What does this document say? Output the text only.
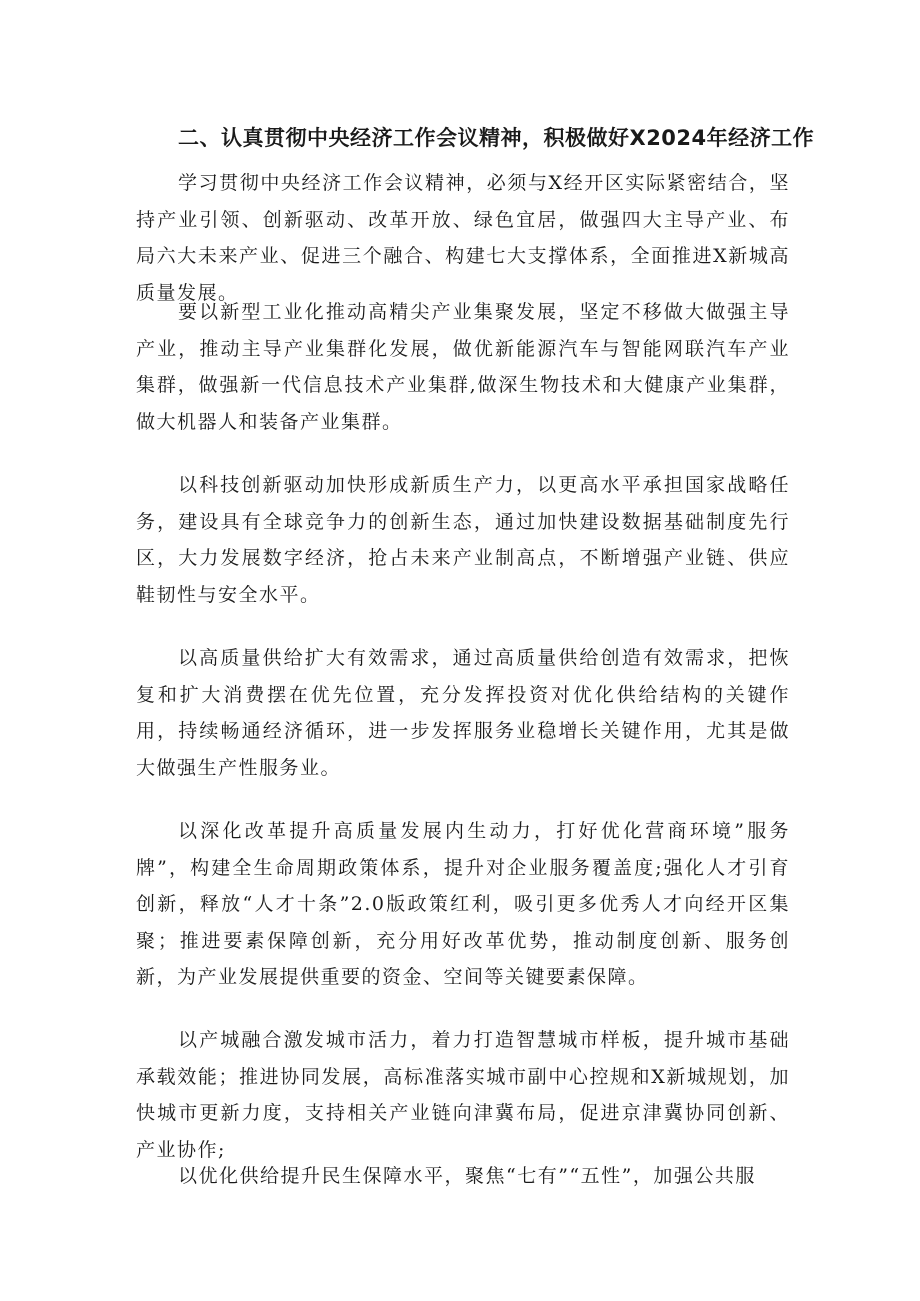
二、认真贯彻中央经济工作会议精神，积极做好X2024年经济工作

学习贯彻中央经济工作会议精神，必须与X经开区实际紧密结合，坚持产业引领、创新驱动、改革开放、绿色宜居，做强四大主导产业、布局六大未来产业、促进三个融合、构建七大支撑体系，全面推进X新城高质量发展。

要以新型工业化推动高精尖产业集聚发展，坚定不移做大做强主导产业，推动主导产业集群化发展，做优新能源汽车与智能网联汽车产业集群，做强新一代信息技术产业集群,做深生物技术和大健康产业集群，做大机器人和装备产业集群。

以科技创新驱动加快形成新质生产力，以更高水平承担国家战略任务，建设具有全球竞争力的创新生态，通过加快建设数据基础制度先行区，大力发展数字经济，抢占未来产业制高点，不断增强产业链、供应鞋韧性与安全水平。

以高质量供给扩大有效需求，通过高质量供给创造有效需求，把恢复和扩大消费摆在优先位置，充分发挥投资对优化供给结构的关键作用，持续畅通经济循环，进一步发挥服务业稳增长关键作用，尤其是做大做强生产性服务业。

以深化改革提升高质量发展内生动力，打好优化营商环境”服务牌”，构建全生命周期政策体系，提升对企业服务覆盖度;强化人才引育创新，释放“人才十条”2.0版政策红利，吸引更多优秀人才向经开区集聚；推进要素保障创新，充分用好改革优势，推动制度创新、服务创新，为产业发展提供重要的资金、空间等关键要素保障。

以产城融合激发城市活力，着力打造智慧城市样板，提升城市基础承载效能；推进协同发展，高标准落实城市副中心控规和X新城规划，加快城市更新力度，支持相关产业链向津冀布局，促进京津冀协同创新、产业协作;

以优化供给提升民生保障水平，聚焦“七有”“五性”，加强公共服
